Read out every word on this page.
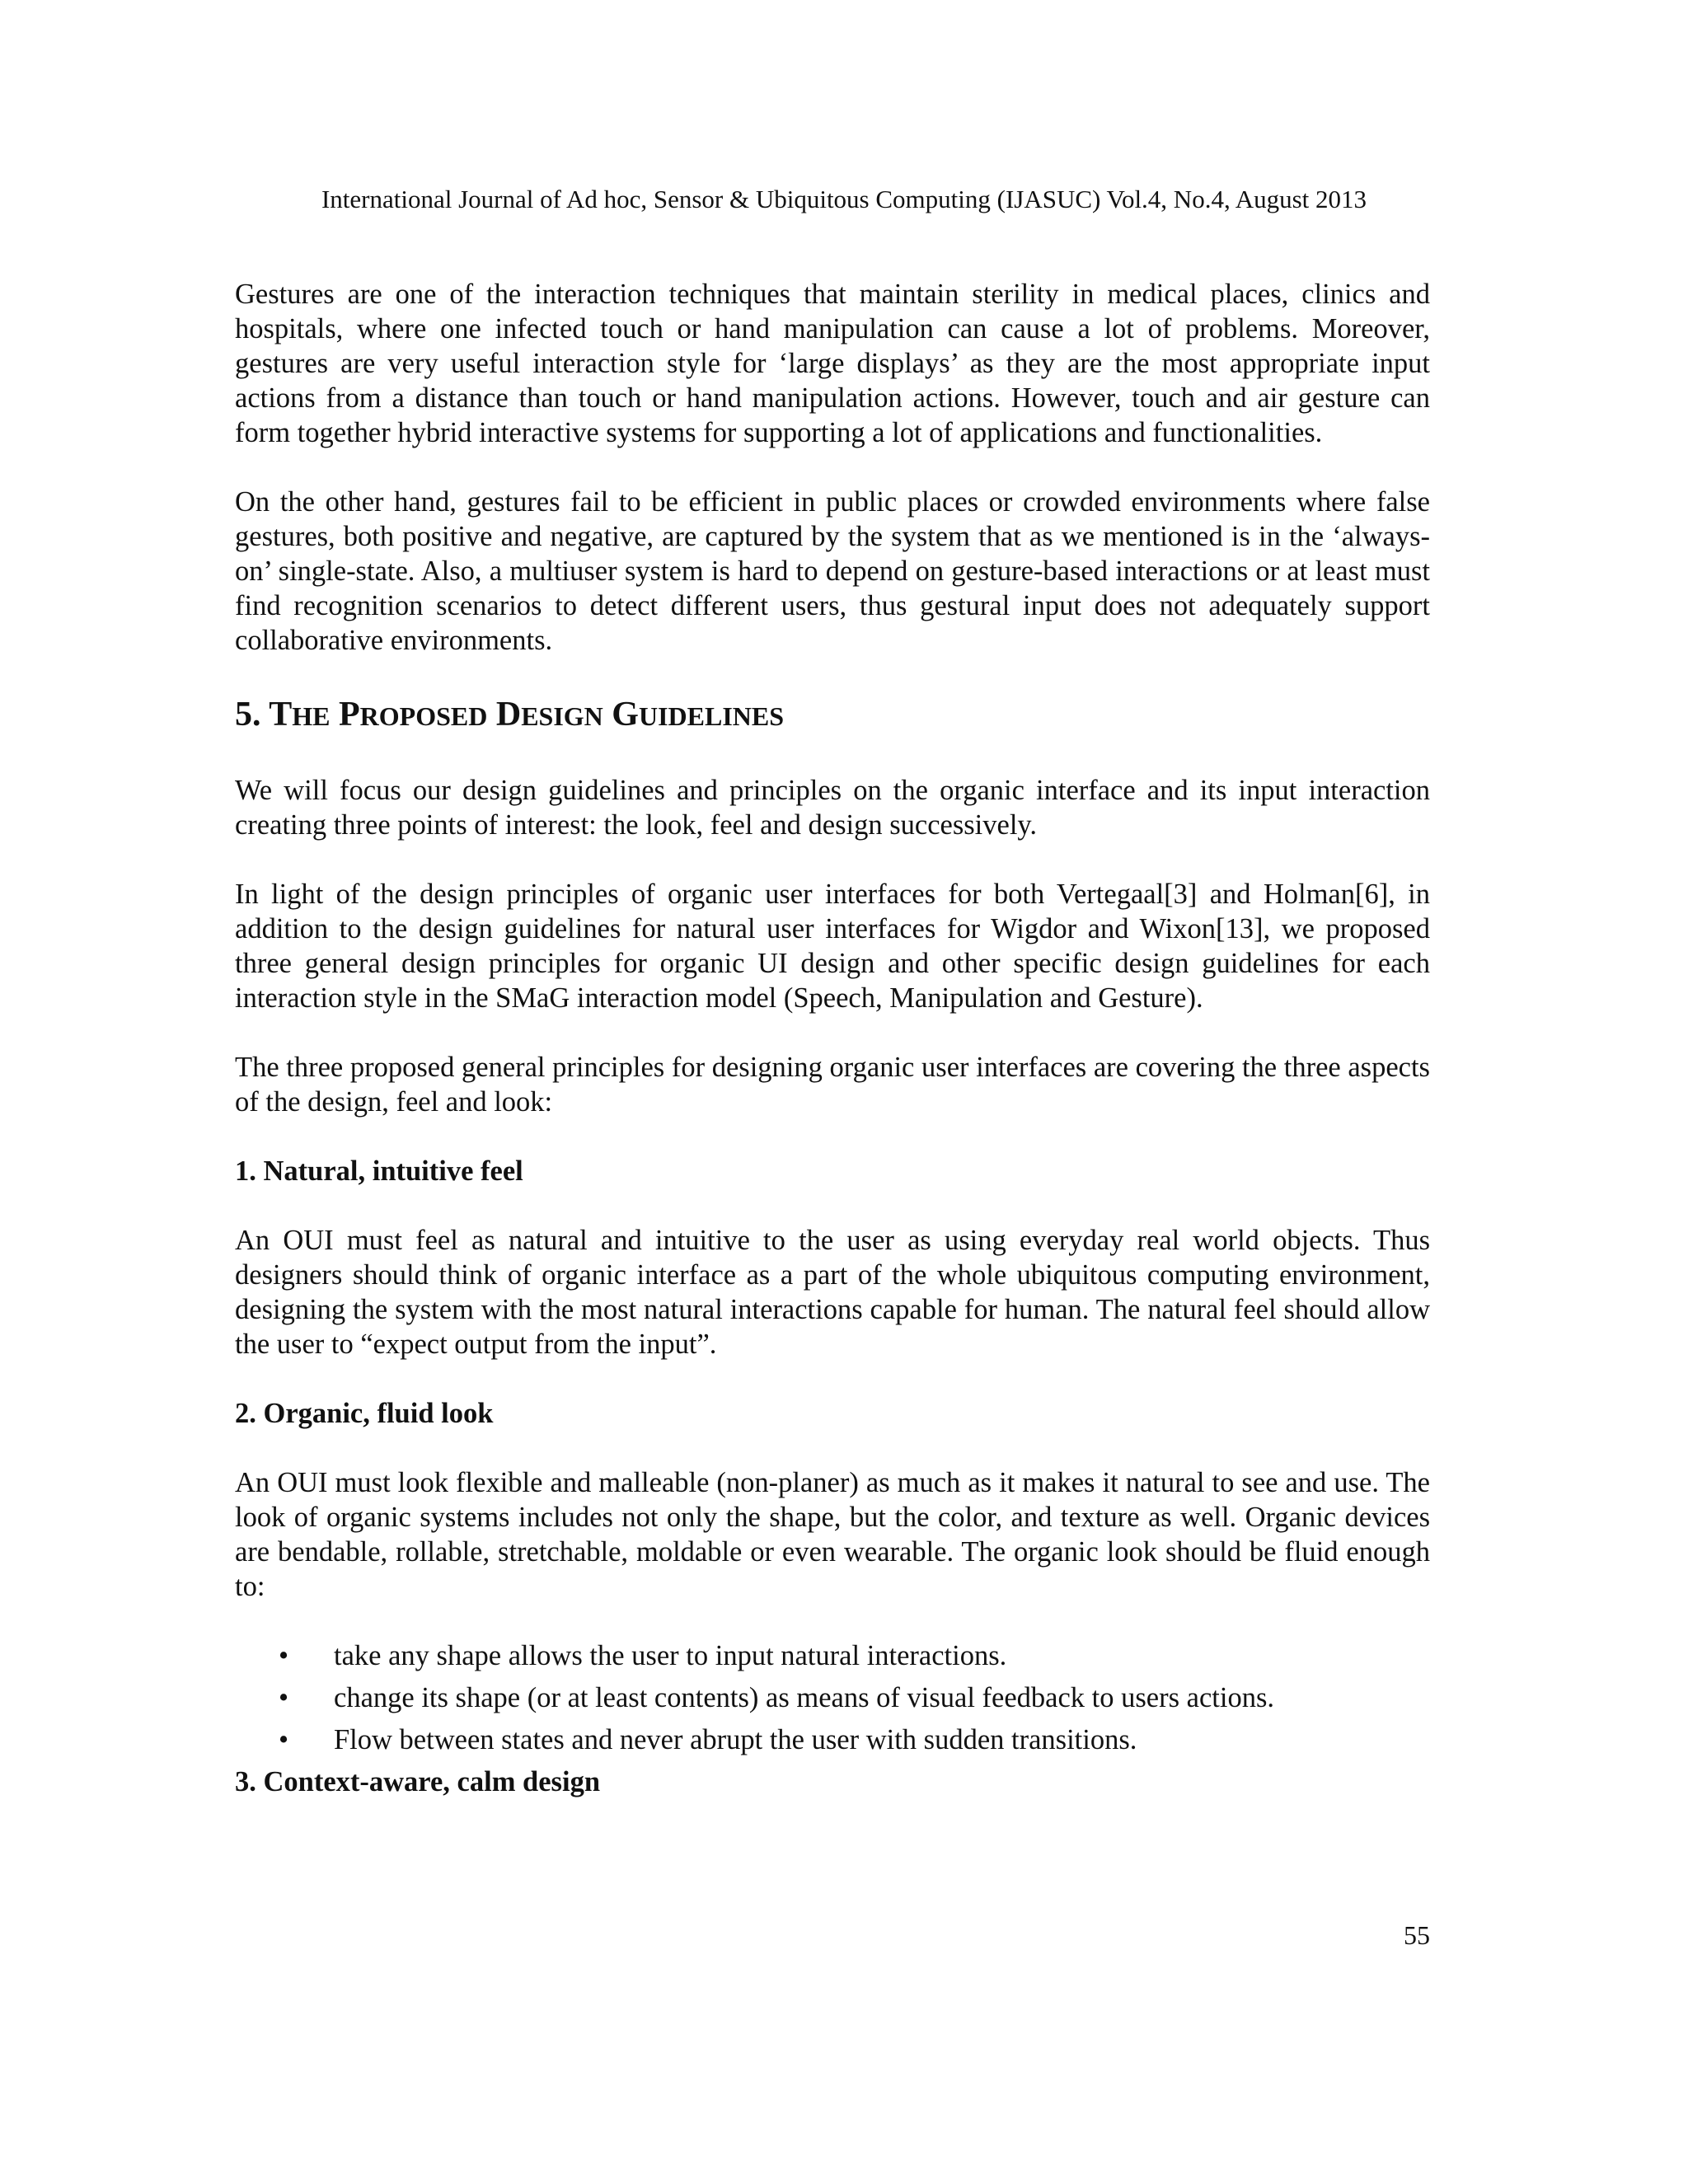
International Journal of Ad hoc, Sensor & Ubiquitous Computing (IJASUC) Vol.4, No.4, August 2013

Gestures are one of the interaction techniques that maintain sterility in medical places, clinics and hospitals, where one infected touch or hand manipulation can cause a lot of problems. Moreover, gestures are very useful interaction style for ‘large displays’ as they are the most appropriate input actions from a distance than touch or hand manipulation actions. However, touch and air gesture can form together hybrid interactive systems for supporting a lot of applications and functionalities.

On the other hand, gestures fail to be efficient in public places or crowded environments where false gestures, both positive and negative, are captured by the system that as we mentioned is in the ‘always-on’ single-state. Also, a multiuser system is hard to depend on gesture-based interactions or at least must find recognition scenarios to detect different users, thus gestural input does not adequately support collaborative environments.

5. THE PROPOSED DESIGN GUIDELINES

We will focus our design guidelines and principles on the organic interface and its input interaction creating three points of interest: the look, feel and design successively.

In light of the design principles of organic user interfaces for both Vertegaal[3] and Holman[6], in addition to the design guidelines for natural user interfaces for Wigdor and Wixon[13], we proposed three general design principles for organic UI design and other specific design guidelines for each interaction style in the SMaG interaction model (Speech, Manipulation and Gesture).

The three proposed general principles for designing organic user interfaces are covering the three aspects of the design, feel and look:

1. Natural, intuitive feel

An OUI must feel as natural and intuitive to the user as using everyday real world objects. Thus designers should think of organic interface as a part of the whole ubiquitous computing environment, designing the system with the most natural interactions capable for human. The natural feel should allow the user to “expect output from the input”.

2. Organic, fluid look

An OUI must look flexible and malleable (non-planer) as much as it makes it natural to see and use. The look of organic systems includes not only the shape, but the color, and texture as well. Organic devices are bendable, rollable, stretchable, moldable or even wearable. The organic look should be fluid enough to:

• take any shape allows the user to input natural interactions.
• change its shape (or at least contents) as means of visual feedback to users actions.
• Flow between states and never abrupt the user with sudden transitions.
3. Context-aware, calm design
55
